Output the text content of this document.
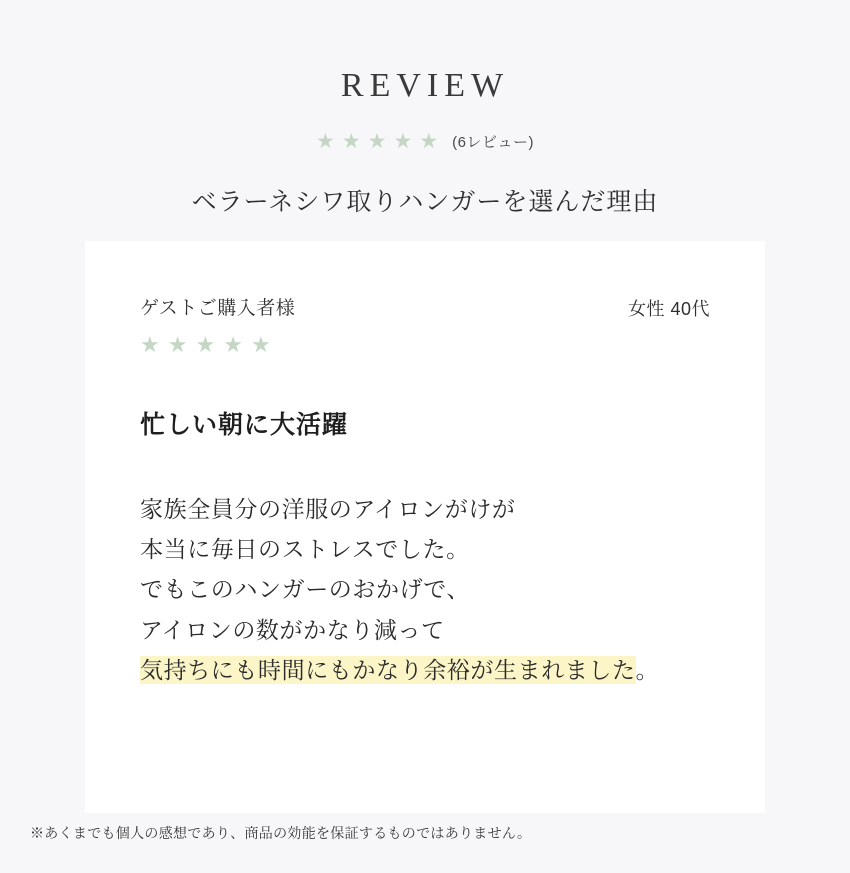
REVIEW
★ ★ ★ ★ ★ (6レビュー)
ベラーネシワ取りハンガーを選んだ理由
ゲストご購入者様	女性 40代
★ ★ ★ ★ ★
忙しい朝に大活躍
家族全員分の洋服のアイロンがけが
本当に毎日のストレスでした。
でもこのハンガーのおかげで、
アイロンの数がかなり減って
気持ちにも時間にもかなり余裕が生まれました。
※あくまでも個人の感想であり、商品の効能を保証するものではありません。
